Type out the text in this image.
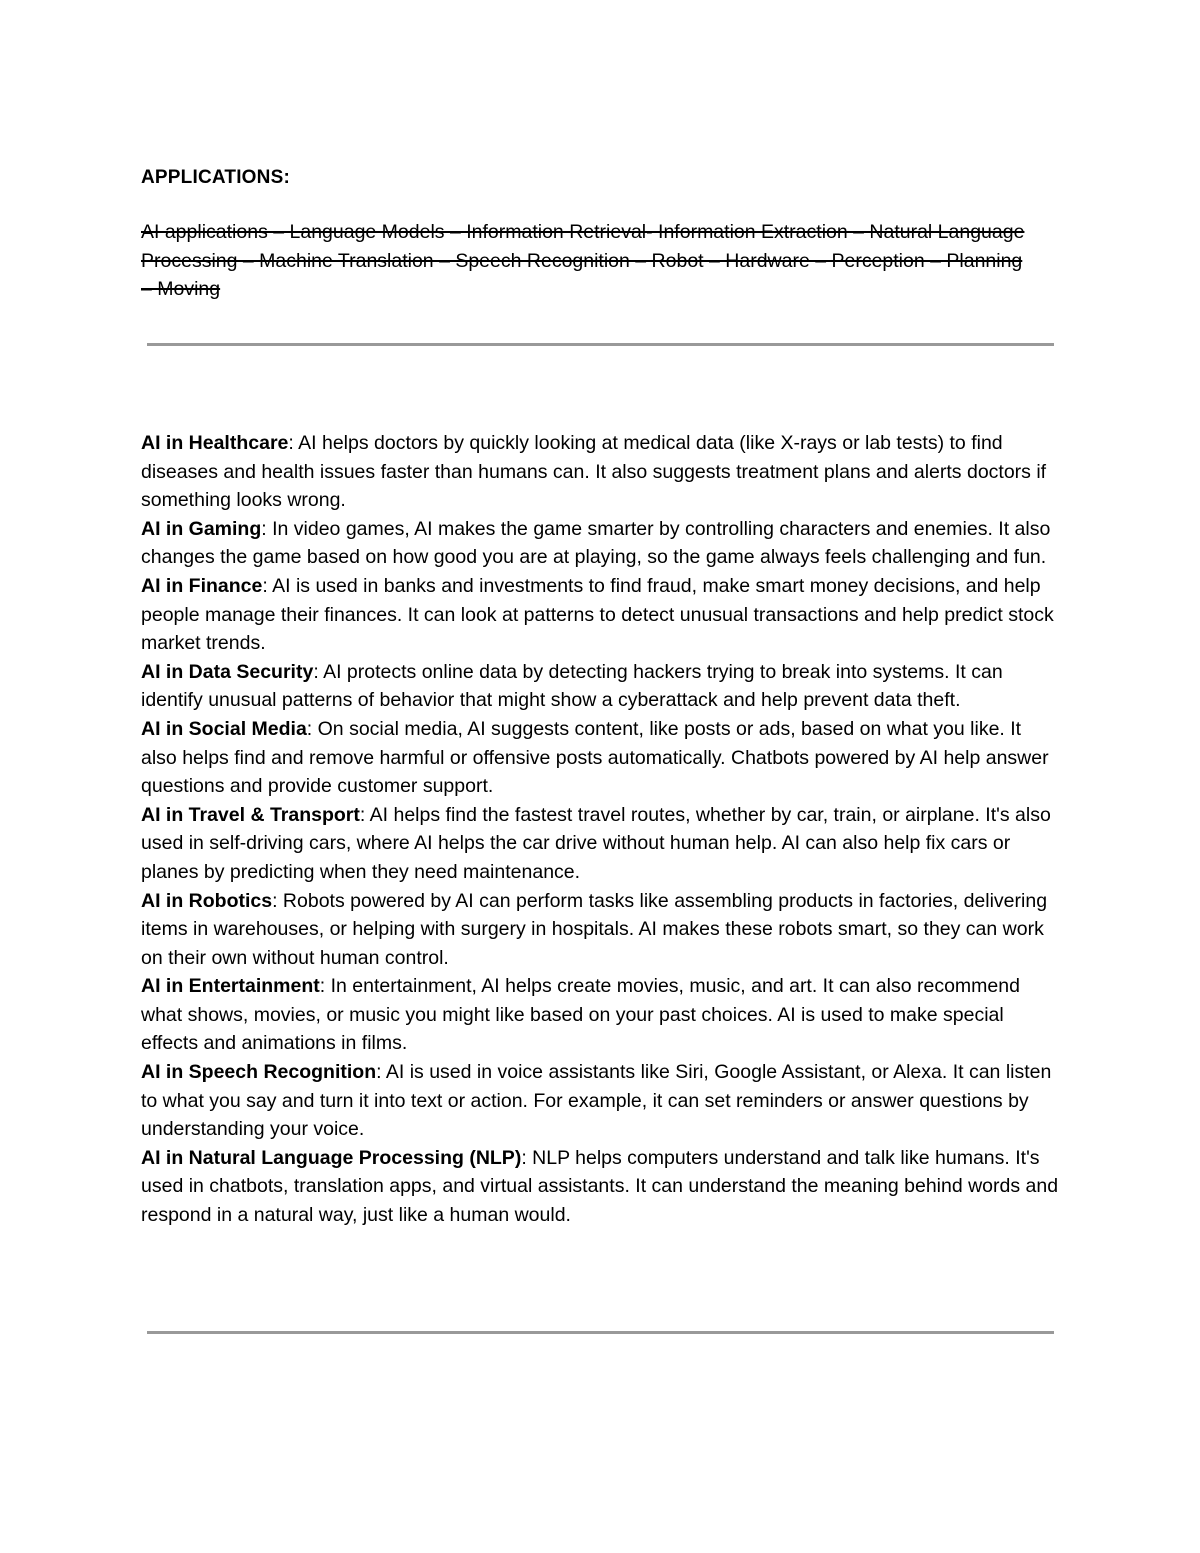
APPLICATIONS:
AI applications – Language Models – Information Retrieval- Information Extraction – Natural Language Processing – Machine Translation – Speech Recognition – Robot – Hardware – Perception – Planning – Moving

AI in Healthcare: AI helps doctors by quickly looking at medical data (like X-rays or lab tests) to find diseases and health issues faster than humans can. It also suggests treatment plans and alerts doctors if something looks wrong.

AI in Gaming: In video games, AI makes the game smarter by controlling characters and enemies. It also changes the game based on how good you are at playing, so the game always feels challenging and fun.

AI in Finance: AI is used in banks and investments to find fraud, make smart money decisions, and help people manage their finances. It can look at patterns to detect unusual transactions and help predict stock market trends.

AI in Data Security: AI protects online data by detecting hackers trying to break into systems. It can identify unusual patterns of behavior that might show a cyberattack and help prevent data theft.

AI in Social Media: On social media, AI suggests content, like posts or ads, based on what you like. It also helps find and remove harmful or offensive posts automatically. Chatbots powered by AI help answer questions and provide customer support.

AI in Travel & Transport: AI helps find the fastest travel routes, whether by car, train, or airplane. It's also used in self-driving cars, where AI helps the car drive without human help. AI can also help fix cars or planes by predicting when they need maintenance.

AI in Robotics: Robots powered by AI can perform tasks like assembling products in factories, delivering items in warehouses, or helping with surgery in hospitals. AI makes these robots smart, so they can work on their own without human control.

AI in Entertainment: In entertainment, AI helps create movies, music, and art. It can also recommend what shows, movies, or music you might like based on your past choices. AI is used to make special effects and animations in films.

AI in Speech Recognition: AI is used in voice assistants like Siri, Google Assistant, or Alexa. It can listen to what you say and turn it into text or action. For example, it can set reminders or answer questions by understanding your voice.

AI in Natural Language Processing (NLP): NLP helps computers understand and talk like humans. It's used in chatbots, translation apps, and virtual assistants. It can understand the meaning behind words and respond in a natural way, just like a human would.
